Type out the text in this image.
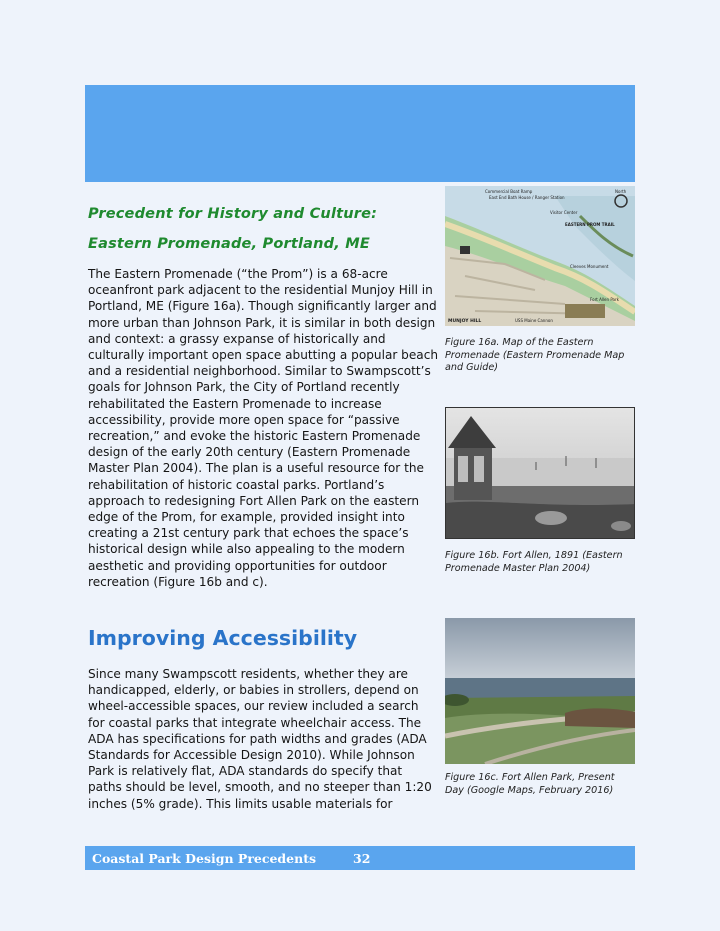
Precedent for History and Culture:
Eastern Promenade, Portland, ME

The Eastern Promenade (“the Prom”) is a 68-acre oceanfront park adjacent to the residential Munjoy Hill in Portland, ME (Figure 16a). Though significantly larger and more urban than Johnson Park, it is similar in both design and context: a grassy expanse of historically and culturally important open space abutting a popular beach and a residential neighborhood. Similar to Swampscott’s goals for Johnson Park, the City of Portland recently rehabilitated the Eastern Promenade to increase accessibility, provide more open space for “passive recreation,” and evoke the historic Eastern Promenade design of the early 20th century (Eastern Promenade Master Plan 2004). The plan is a useful resource for the rehabilitation of historic coastal parks. Portland’s approach to redesigning Fort Allen Park on the eastern edge of the Prom, for example, provided insight into creating a 21st century park that echoes the space’s historical design while also appealing to the modern aesthetic and providing opportunities for outdoor recreation (Figure 16b and c).

Improving Accessibility

Since many Swampscott residents, whether they are handicapped, elderly, or babies in strollers, depend on wheel-accessible spaces, our review included a search for coastal parks that integrate wheelchair access. The ADA has specifications for path widths and grades (ADA Standards for Accessible Design 2010). While Johnson Park is relatively flat, ADA standards do specify that paths should be level, smooth, and no steeper than 1:20 inches (5% grade). This limits usable materials for

Commercial Boat Ramp
East End Bath House / Ranger Station
North
Visitor Center
EASTERN PROM TRAIL
Cleeves Monument
Fort Allen Park
MUNJOY HILL	USS Maine Cannon
Figure 16a. Map of the Eastern Promenade (Eastern Promenade Map and Guide)
Figure 16b. Fort Allen, 1891 (Eastern Promenade Master Plan 2004)
Figure 16c. Fort Allen Park, Present Day (Google Maps, February 2016)
Coastal Park Design Precedents	32
